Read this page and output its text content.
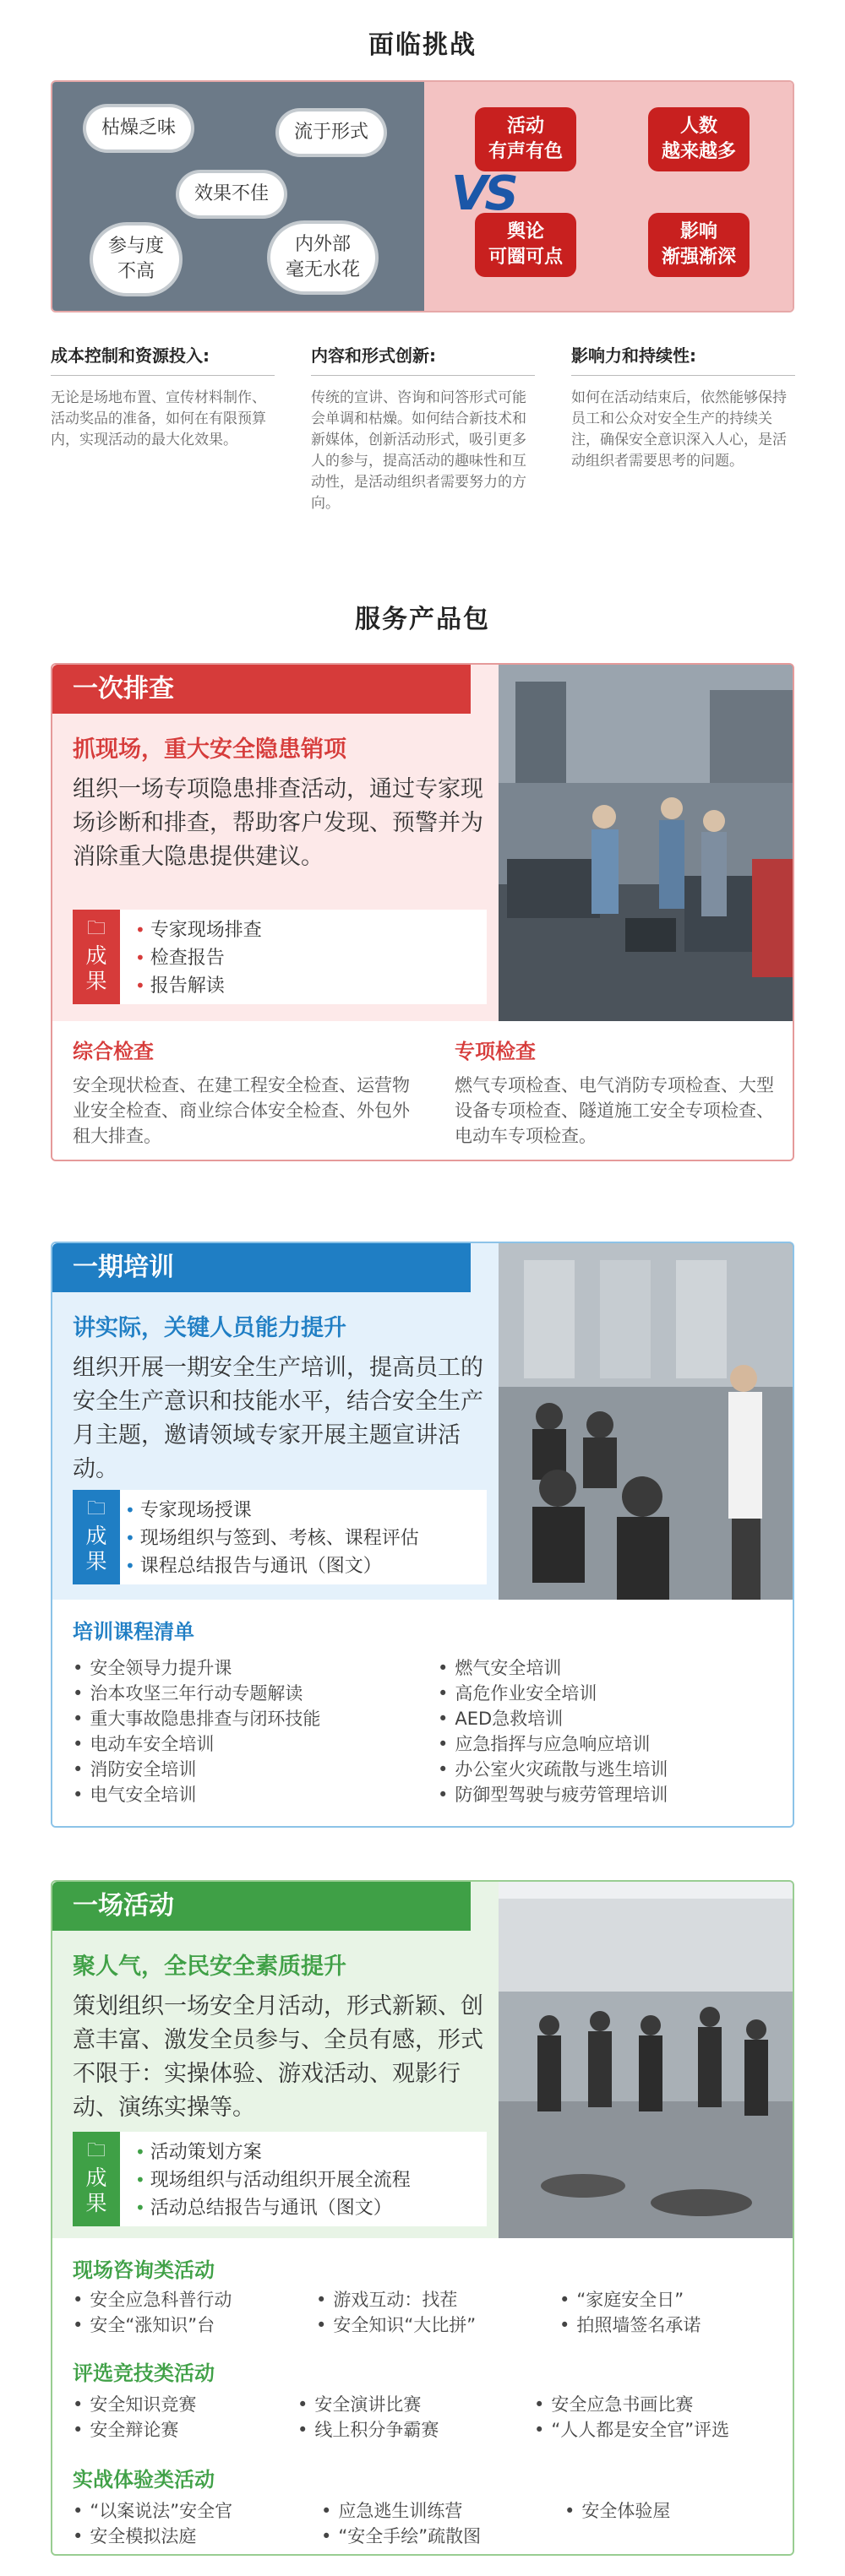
面临挑战
枯燥乏味	流于形式
效果不佳
参与度
不高
内外部
毫无水花
活动
有声有色
人数
越来越多
舆论
可圈可点
影响
渐强渐深
VS
成本控制和资源投入:

无论是场地布置、宣传材料制作、活动奖品的准备，如何在有限预算内，实现活动的最大化效果。

内容和形式创新:

传统的宣讲、咨询和问答形式可能会单调和枯燥。如何结合新技术和新媒体，创新活动形式，吸引更多人的参与，提高活动的趣味性和互动性，是活动组织者需要努力的方向。

影响力和持续性:

如何在活动结束后，依然能够保持员工和公众对安全生产的持续关注，确保安全意识深入人心，是活动组织者需要思考的问题。

服务产品包
一次排查
抓现场，重大安全隐患销项
组织一场专项隐患排查活动，通过专家现场诊断和排查，帮助客户发现、预警并为消除重大隐患提供建议。
🗀
成
果
• 专家现场排查
• 检查报告
• 报告解读
综合检查

安全现状检查、在建工程安全检查、运营物业安全检查、商业综合体安全检查、外包外租大排查。

专项检查

燃气专项检查、电气消防专项检查、大型设备专项检查、隧道施工安全专项检查、电动车专项检查。

一期培训
讲实际，关键人员能力提升
组织开展一期安全生产培训，提高员工的安全生产意识和技能水平，结合安全生产月主题，邀请领域专家开展主题宣讲活动。
🗀
成
果
• 专家现场授课
• 现场组织与签到、考核、课程评估
• 课程总结报告与通讯（图文）
培训课程清单
• 安全领导力提升课
• 治本攻坚三年行动专题解读
• 重大事故隐患排查与闭环技能
• 电动车安全培训
• 消防安全培训
• 电气安全培训
• 燃气安全培训
• 高危作业安全培训
• AED急救培训
• 应急指挥与应急响应培训
• 办公室火灾疏散与逃生培训
• 防御型驾驶与疲劳管理培训
一场活动
聚人气，全民安全素质提升
策划组织一场安全月活动，形式新颖、创意丰富、激发全员参与、全员有感，形式不限于：实操体验、游戏活动、观影行动、演练实操等。
🗀
成
果
• 活动策划方案
• 现场组织与活动组织开展全流程
• 活动总结报告与通讯（图文）
现场咨询类活动
• 安全应急科普行动
• 安全“涨知识”台
• 游戏互动：找茬
• 安全知识“大比拼”
• “家庭安全日”
• 拍照墙签名承诺
评选竞技类活动
• 安全知识竞赛
• 安全辩论赛
• 安全演讲比赛
• 线上积分争霸赛
• 安全应急书画比赛
• “人人都是安全官”评选
实战体验类活动
• “以案说法”安全官
• 安全模拟法庭
• 应急逃生训练营
• “安全手绘”疏散图
• 安全体验屋
